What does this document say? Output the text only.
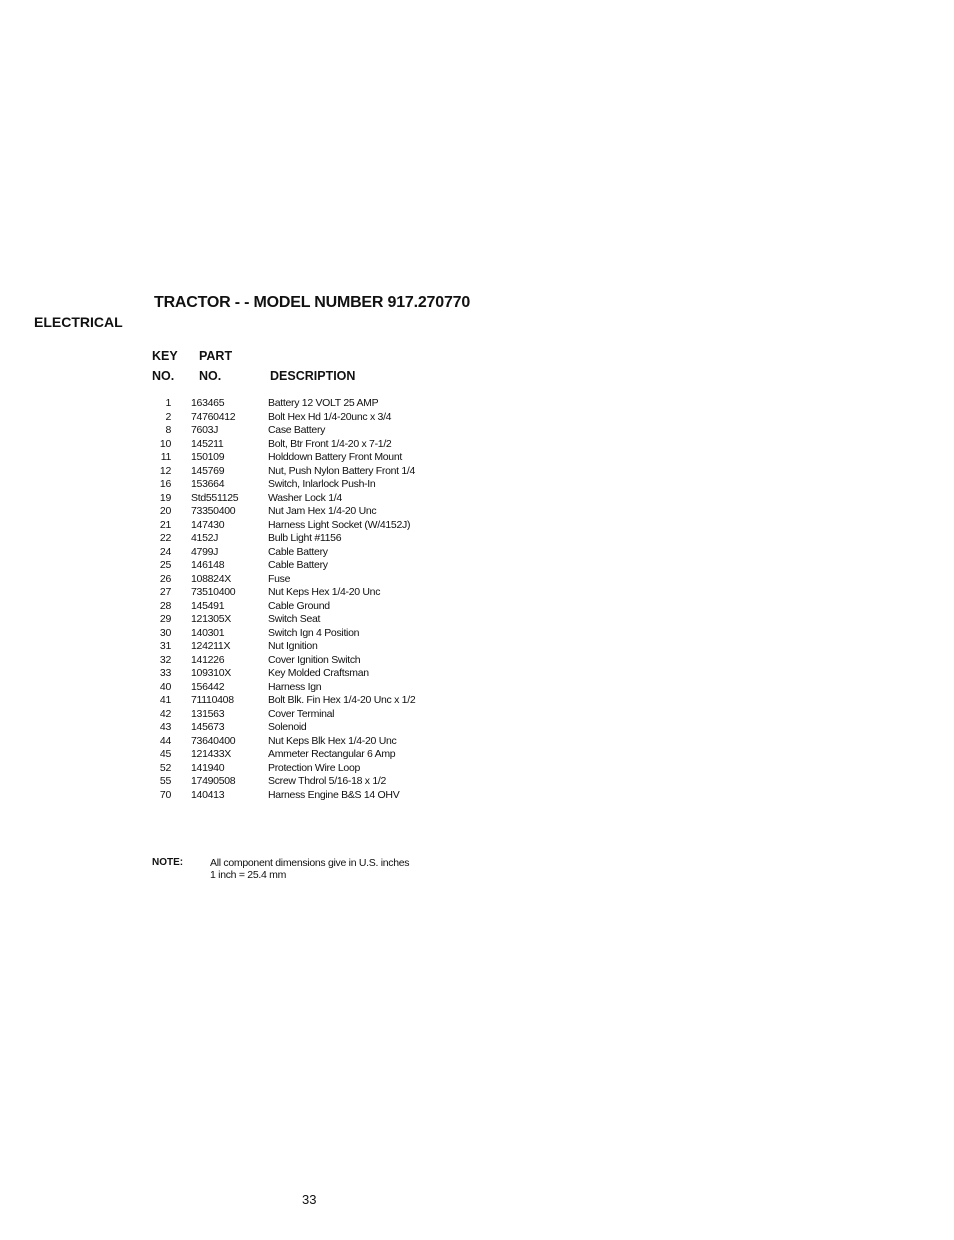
TRACTOR - - MODEL NUMBER 917.270770
ELECTRICAL
KEY PART
NO. NO.	DESCRIPTION
1 163465	Battery 12 VOLT 25 AMP
2 74760412	Bolt Hex Hd 1/4-20unc x 3/4
8 7603J	Case Battery
10 145211	Bolt, Btr Front 1/4-20 x 7-1/2
11 150109	Holddown Battery Front Mount
12 145769	Nut, Push Nylon Battery Front 1/4
16 153664	Switch, Inlarlock Push-In
19 Std551125	Washer Lock 1/4
20 73350400	Nut Jam Hex 1/4-20 Unc
21 147430	Harness Light Socket (W/4152J)
22 4152J	Bulb Light #1156
24 4799J	Cable Battery
25 146148	Cable Battery
26 108824X	Fuse
27 73510400	Nut Keps Hex 1/4-20 Unc
28 145491	Cable Ground
29 121305X	Switch Seat
30 140301	Switch Ign 4 Position
31 124211X	Nut Ignition
32 141226	Cover Ignition Switch
33 109310X	Key Molded Craftsman
40 156442	Harness Ign
41 71110408	Bolt Blk. Fin Hex 1/4-20 Unc x 1/2
42 131563	Cover Terminal
43 145673	Solenoid
44 73640400	Nut Keps Blk Hex 1/4-20 Unc
45 121433X	Ammeter Rectangular 6 Amp
52 141940	Protection Wire Loop
55 17490508	Screw Thdrol 5/16-18 x 1/2
70 140413	Harness Engine B&S 14 OHV
NOTE:	All component dimensions give in U.S. inches
1 inch = 25.4 mm
33
